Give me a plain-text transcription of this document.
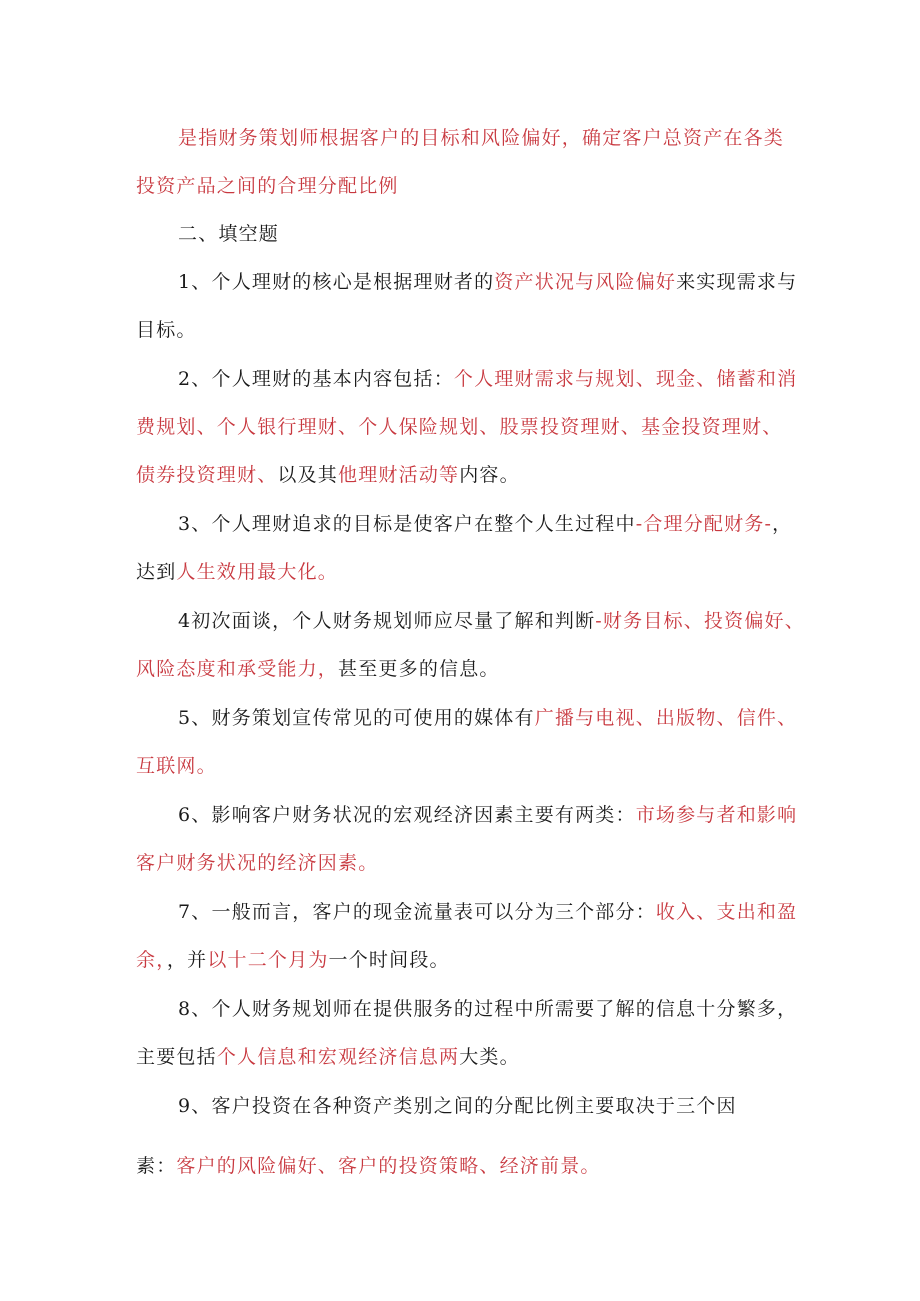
是指财务策划师根据客户的目标和风险偏好，确定客户总资产在各类
投资产品之间的合理分配比例
二、填空题
1、个人理财的核心是根据理财者的资产状况与风险偏好来实现需求与
目标。
2、个人理财的基本内容包括：个人理财需求与规划、现金、储蓄和消
费规划、个人银行理财、个人保险规划、股票投资理财、基金投资理财、
债券投资理财、以及其他理财活动等内容。
3、个人理财追求的目标是使客户在整个人生过程中-合理分配财务-，
达到人生效用最大化。
4初次面谈，个人财务规划师应尽量了解和判断-财务目标、投资偏好、
风险态度和承受能力，甚至更多的信息。
5、财务策划宣传常见的可使用的媒体有广播与电视、出版物、信件、
互联网。
6、影响客户财务状况的宏观经济因素主要有两类：市场参与者和影响
客户财务状况的经济因素。
7、一般而言，客户的现金流量表可以分为三个部分：收入、支出和盈
余，，并以十二个月为一个时间段。
8、个人财务规划师在提供服务的过程中所需要了解的信息十分繁多，
主要包括个人信息和宏观经济信息两大类。
9、客户投资在各种资产类别之间的分配比例主要取决于三个因
素：客户的风险偏好、客户的投资策略、经济前景。
